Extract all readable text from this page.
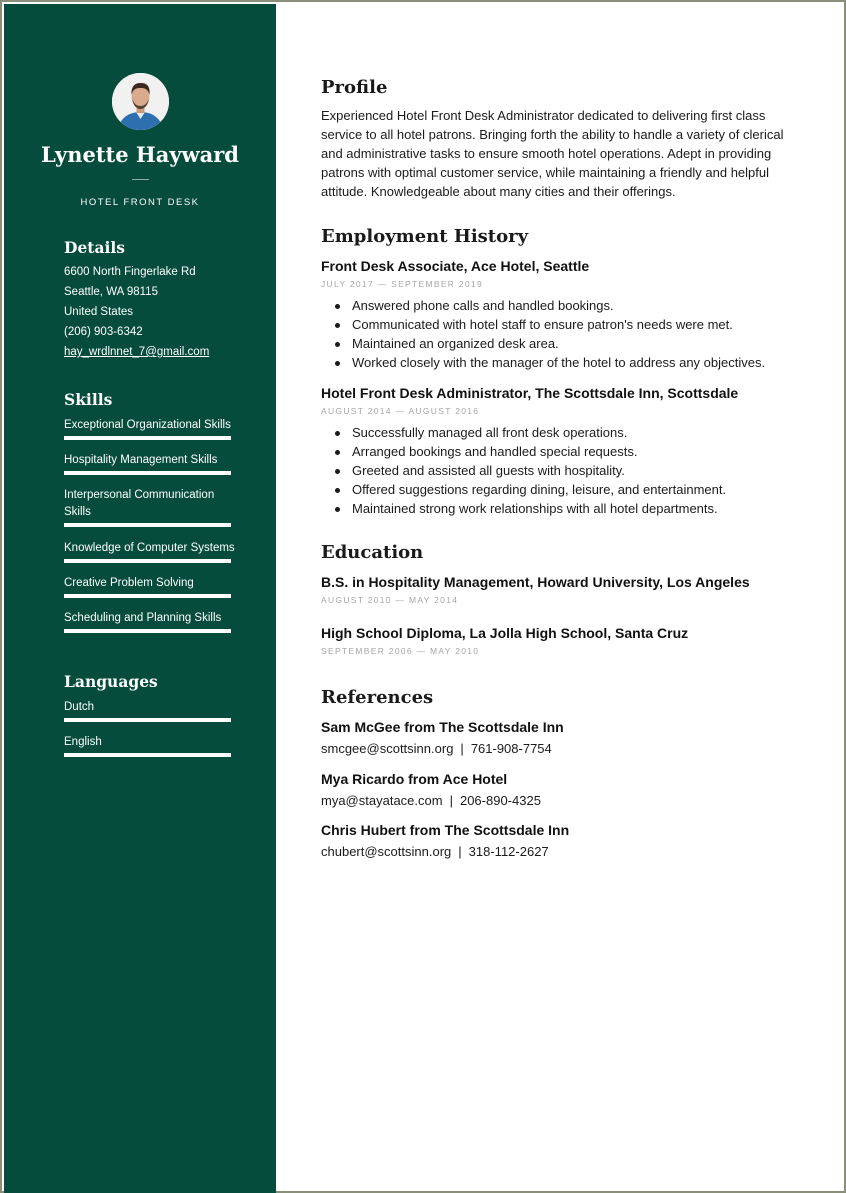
Lynette Hayward
HOTEL FRONT DESK
Details
6600 North Fingerlake Rd
Seattle, WA 98115
United States
(206) 903-6342
hay_wrdlnnet_7@gmail.com
Skills
Exceptional Organizational Skills
Hospitality Management Skills
Interpersonal Communication
Skills
Knowledge of Computer Systems
Creative Problem Solving
Scheduling and Planning Skills
Languages
Dutch
English
Profile
Experienced Hotel Front Desk Administrator dedicated to delivering first class service to all hotel patrons. Bringing forth the ability to handle a variety of clerical and administrative tasks to ensure smooth hotel operations. Adept in providing patrons with optimal customer service, while maintaining a friendly and helpful attitude. Knowledgeable about many cities and their offerings.
Employment History
Front Desk Associate, Ace Hotel, Seattle
JULY 2017 — SEPTEMBER 2019
Answered phone calls and handled bookings.
Communicated with hotel staff to ensure patron's needs were met.
Maintained an organized desk area.
Worked closely with the manager of the hotel to address any objectives.
Hotel Front Desk Administrator, The Scottsdale Inn, Scottsdale
AUGUST 2014 — AUGUST 2016
Successfully managed all front desk operations.
Arranged bookings and handled special requests.
Greeted and assisted all guests with hospitality.
Offered suggestions regarding dining, leisure, and entertainment.
Maintained strong work relationships with all hotel departments.
Education
B.S. in Hospitality Management, Howard University, Los Angeles
AUGUST 2010 — MAY 2014
High School Diploma, La Jolla High School, Santa Cruz
SEPTEMBER 2006 — MAY 2010
References
Sam McGee from The Scottsdale Inn
smcgee@scottsinn.org | 761-908-7754
Mya Ricardo from Ace Hotel
mya@stayatace.com | 206-890-4325
Chris Hubert from The Scottsdale Inn
chubert@scottsinn.org | 318-112-2627
